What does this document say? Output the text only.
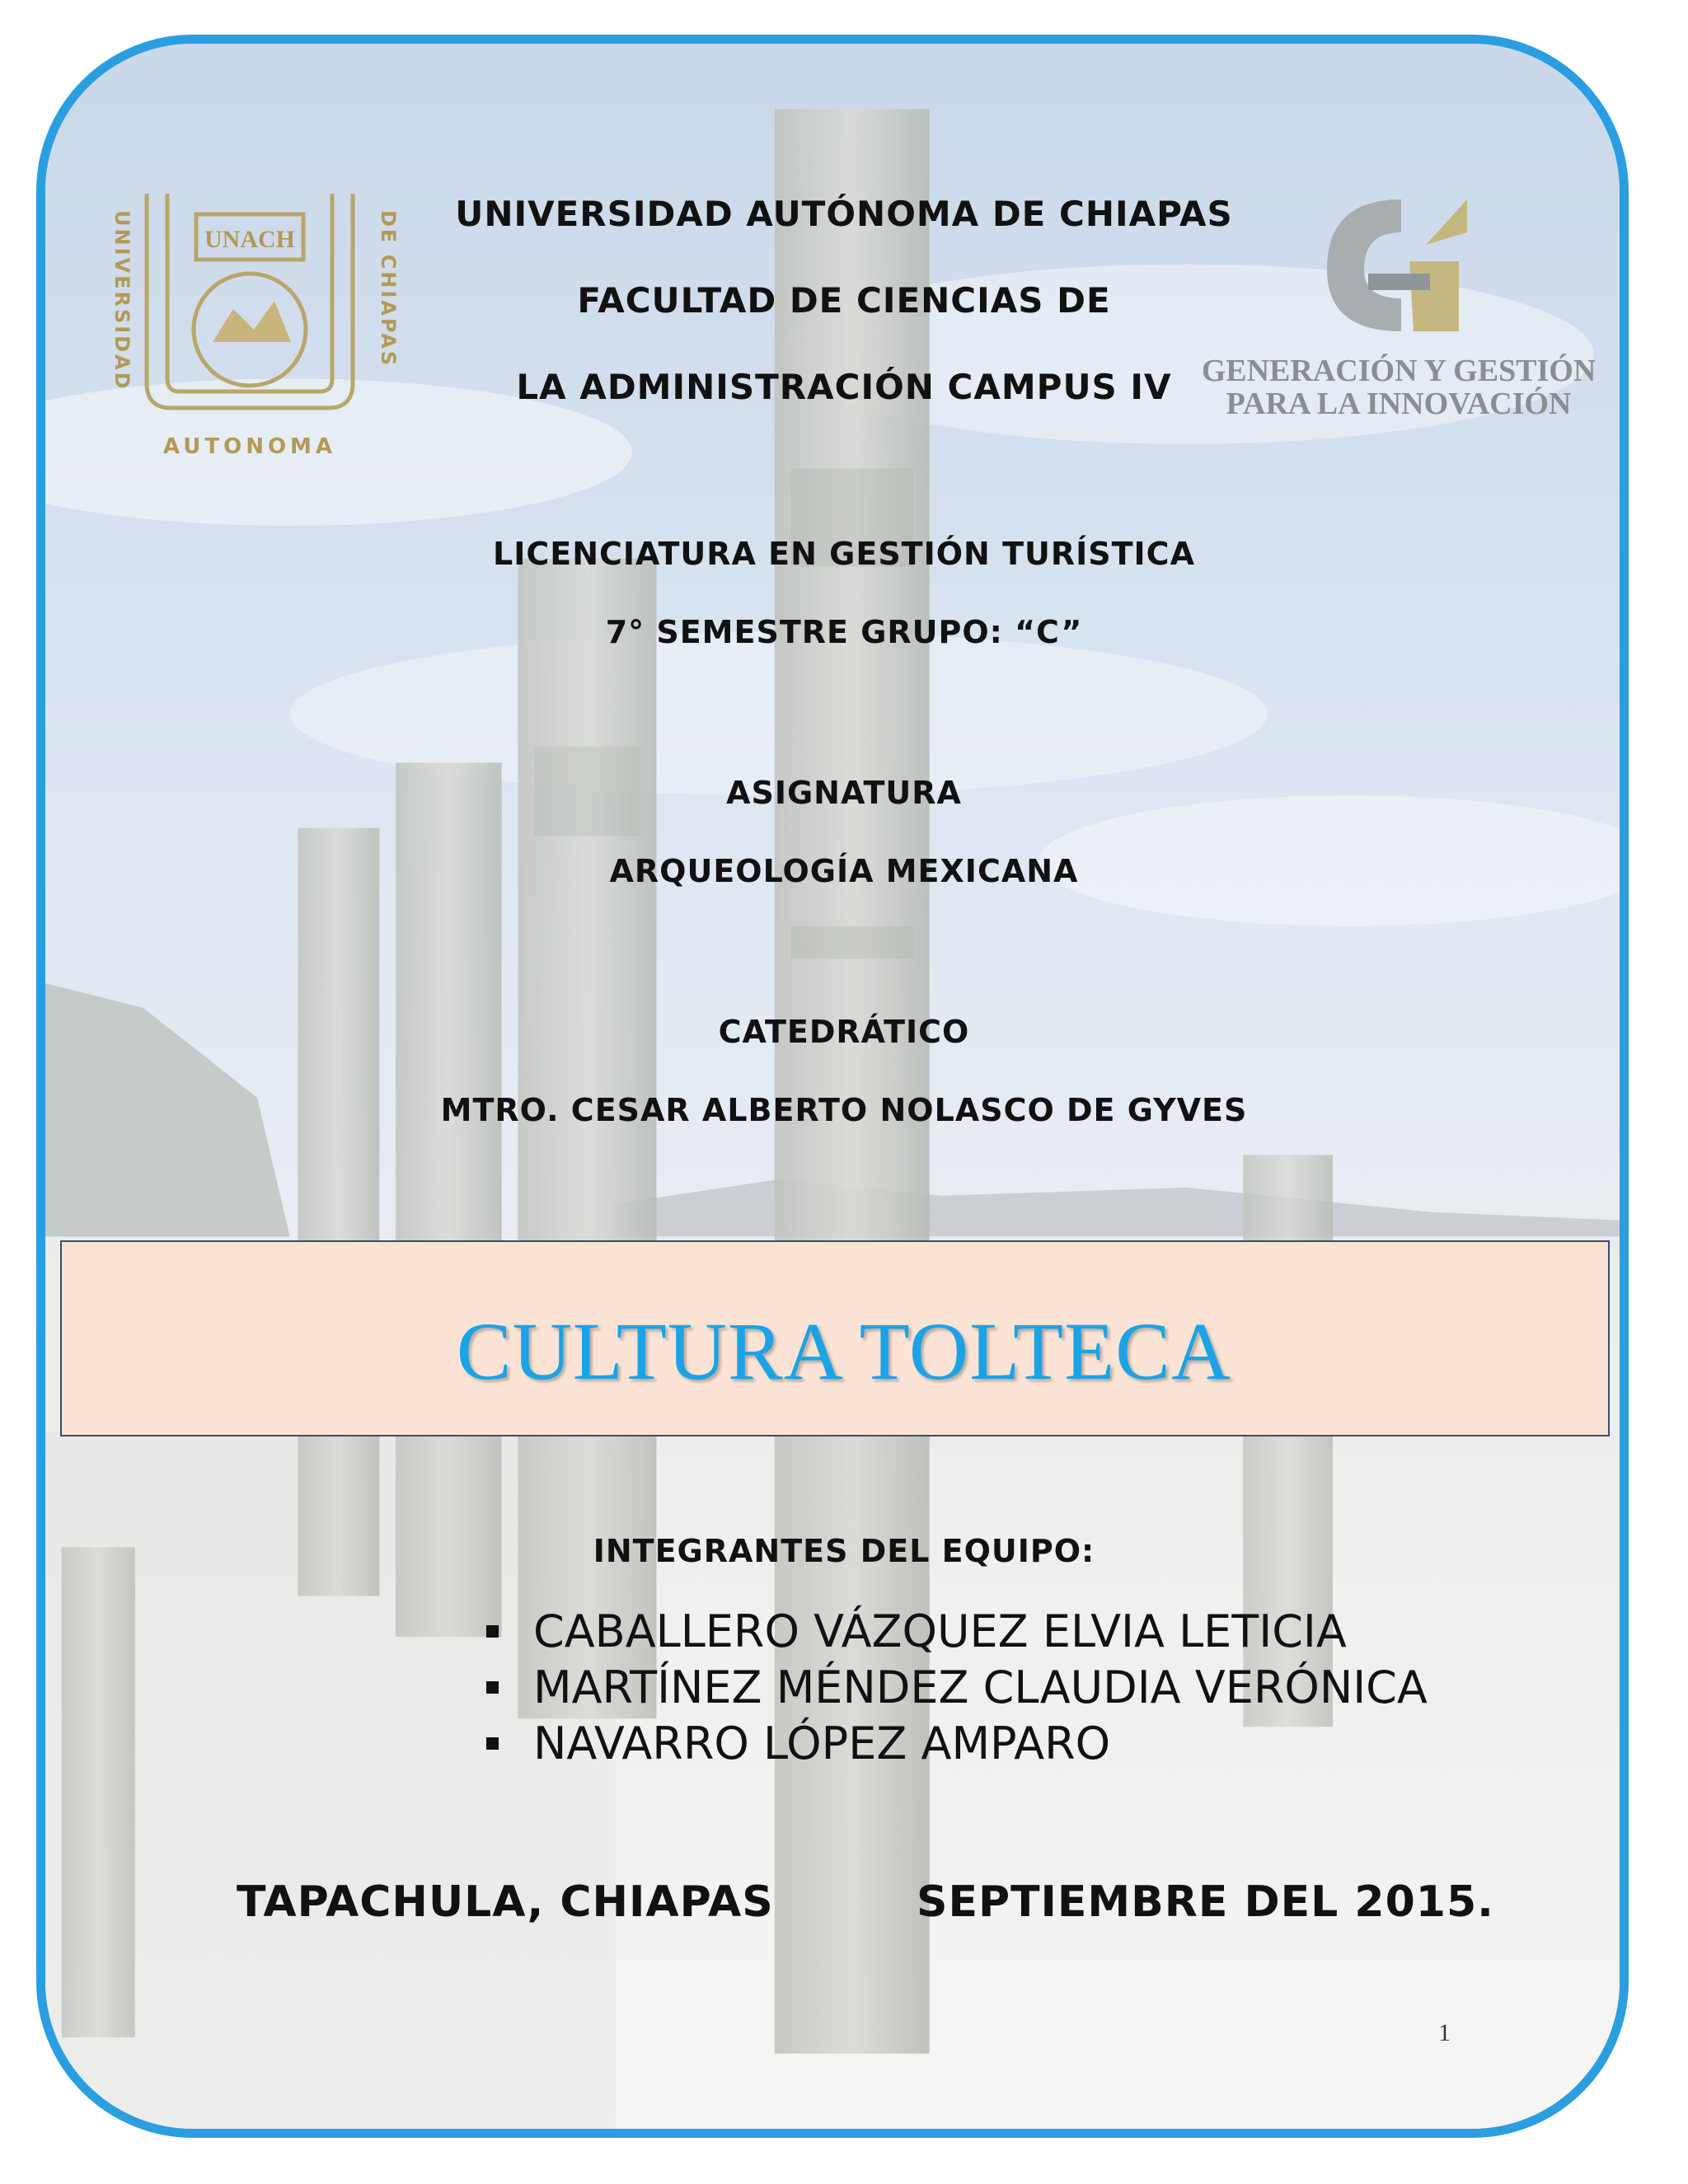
UNACH
AUTONOMA
UNIVERSIDAD	DE CHIAPAS
GENERACIÓN Y GESTIÓN
PARA LA INNOVACIÓN
UNIVERSIDAD AUTÓNOMA DE CHIAPAS
FACULTAD DE CIENCIAS DE
LA ADMINISTRACIÓN CAMPUS IV
LICENCIATURA EN GESTIÓN TURÍSTICA
7° SEMESTRE GRUPO: “C”
ASIGNATURA
ARQUEOLOGÍA MEXICANA
CATEDRÁTICO
MTRO. CESAR ALBERTO NOLASCO DE GYVES
CULTURA TOLTECA
INTEGRANTES DEL EQUIPO:
CABALLERO VÁZQUEZ ELVIA LETICIA
MARTÍNEZ MÉNDEZ CLAUDIA VERÓNICA
NAVARRO LÓPEZ AMPARO
TAPACHULA, CHIAPAS	SEPTIEMBRE DEL 2015.
1
